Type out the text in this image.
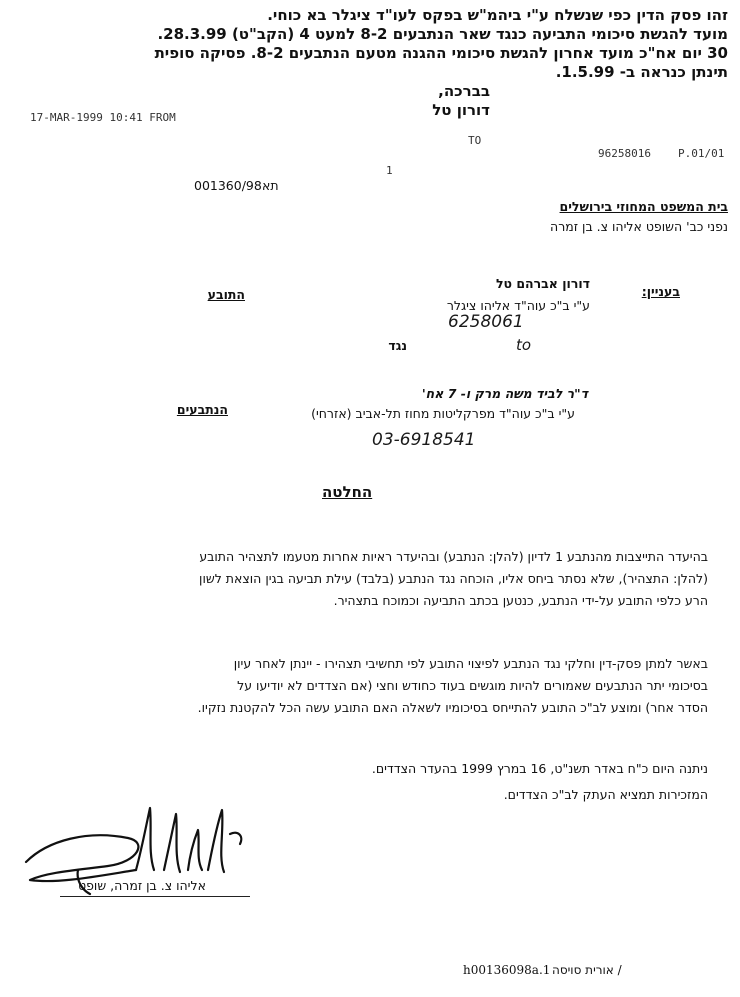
זהו פסק הדין כפי שנשלח ע"י ביהמ"ש בפקס לעו"ד ציגלר בא כוחי.
מועד להגשת סיכומי התביעה כנגד שאר הנתבעים 8-2 למעט 4 (הקב"ט) 28.3.99.
30 יום אח"כ מועד אחרון להגשת סיכומי ההגנה מטעם הנתבעים 8-2. פסיקה סופית
תינתן כנראה ב- 1.5.99.
בברכה,
דורון טל
17-MAR-1999 10:41 FROM
TO
96258016 P.01/01
1
001360/98 תא
בית המשפט המחוזי בירושלים
נפני כב' השופט אליהו צ. בן זמרה
בעניין:
דורון אברהם טל
התובע
ע"י ב"כ עוה"ד אליהו ציגלר
6258061
to
נגד
ד"ר לביד משה מרק ו- 7 אח'
הנתבעים	ע"י ב"כ עוה"ד מפרקליטות מחוז תל-אביב (אזרחי)
03-6918541
החלטה
בהיעדר התייצבות מהנתבע 1 לדיון (להלן: הנתבע) ובהיעדר ראיות אחרות מטעמו לתצהיר התובע
(להלן: התצהיר), שלא נסתר ביחס אליו, הוכחה נגד הנתבע (בלבד) עילת תביעה בגין הוצאת לשון
הרע כלפי התובע על-ידי הנתבע, כנטען בכתב התביעה וכמוכח בתצהיר.
באשר למתן פסק-דין וחלקי נגד הנתבע לפיצוי התובע לפי תחשיבי תצהירו - יינתן לאחר עיון
בסיכומי יתר הנתבעים שאמורים להיות מוגשים בעוד כחודש וחצי (אם הצדדים לא יודיעו על
הסדר אחר) ומוצע לב"כ התובע להתייחס בסיכומיו לשאלה האם התובע עשה הכל להקטנת נזקיו.
ניתנה היום כ"ח באדר תשנ"ט, 16 במרץ 1999 בהעדר הצדדים.
המזכירות תמציא העתק לב"כ הצדדים.
אליהו צ. בן זמרה, שופט
h00136098a.1 / אורית סויסה
